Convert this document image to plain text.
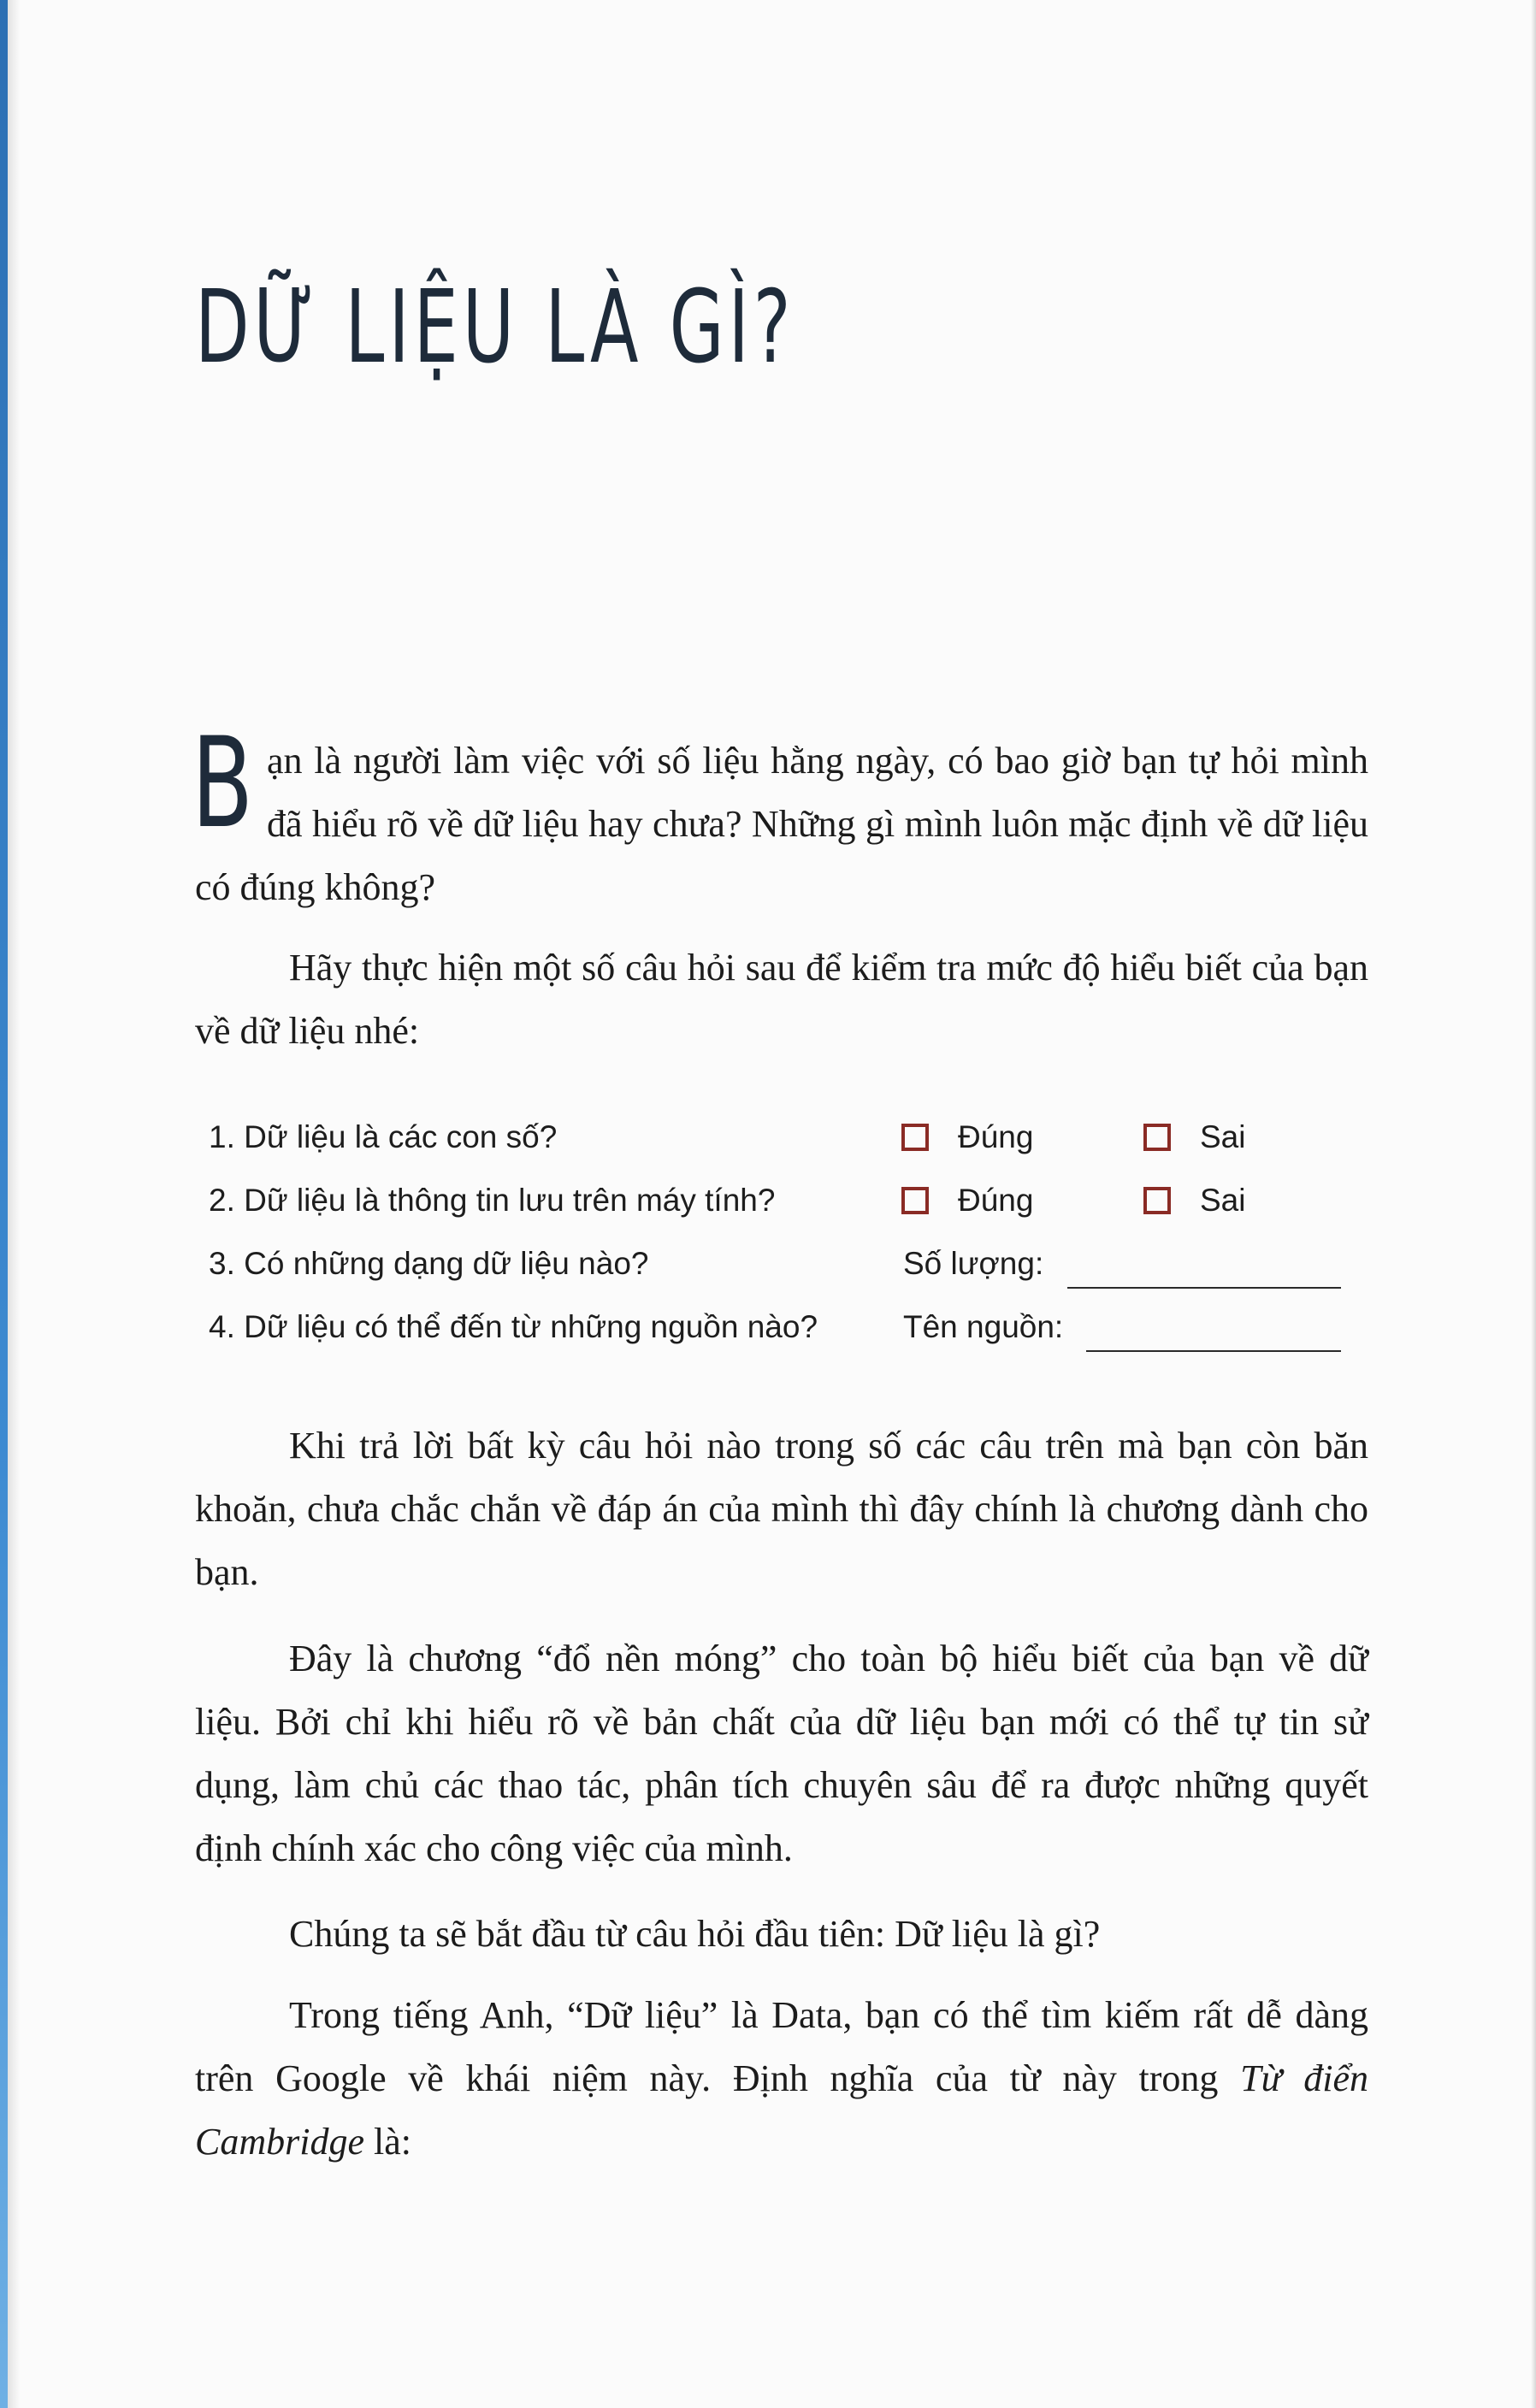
DỮ LIỆU LÀ GÌ?

Bạn là người làm việc với số liệu hằng ngày, có bao giờ bạn tự hỏi mình đã hiểu rõ về dữ liệu hay chưa? Những gì mình luôn mặc định về dữ liệu có đúng không?

Hãy thực hiện một số câu hỏi sau để kiểm tra mức độ hiểu biết của bạn về dữ liệu nhé:

1. Dữ liệu là các con số?	Đúng	Sai
2. Dữ liệu là thông tin lưu trên máy tính?	Đúng	Sai
3. Có những dạng dữ liệu nào?	Số lượng:
4. Dữ liệu có thể đến từ những nguồn nào?	Tên nguồn:

Khi trả lời bất kỳ câu hỏi nào trong số các câu trên mà bạn còn băn khoăn, chưa chắc chắn về đáp án của mình thì đây chính là chương dành cho bạn.

Đây là chương “đổ nền móng” cho toàn bộ hiểu biết của bạn về dữ liệu. Bởi chỉ khi hiểu rõ về bản chất của dữ liệu bạn mới có thể tự tin sử dụng, làm chủ các thao tác, phân tích chuyên sâu để ra được những quyết định chính xác cho công việc của mình.

Chúng ta sẽ bắt đầu từ câu hỏi đầu tiên: Dữ liệu là gì?

Trong tiếng Anh, “Dữ liệu” là Data, bạn có thể tìm kiếm rất dễ dàng trên Google về khái niệm này. Định nghĩa của từ này trong Từ điển Cambridge là:
